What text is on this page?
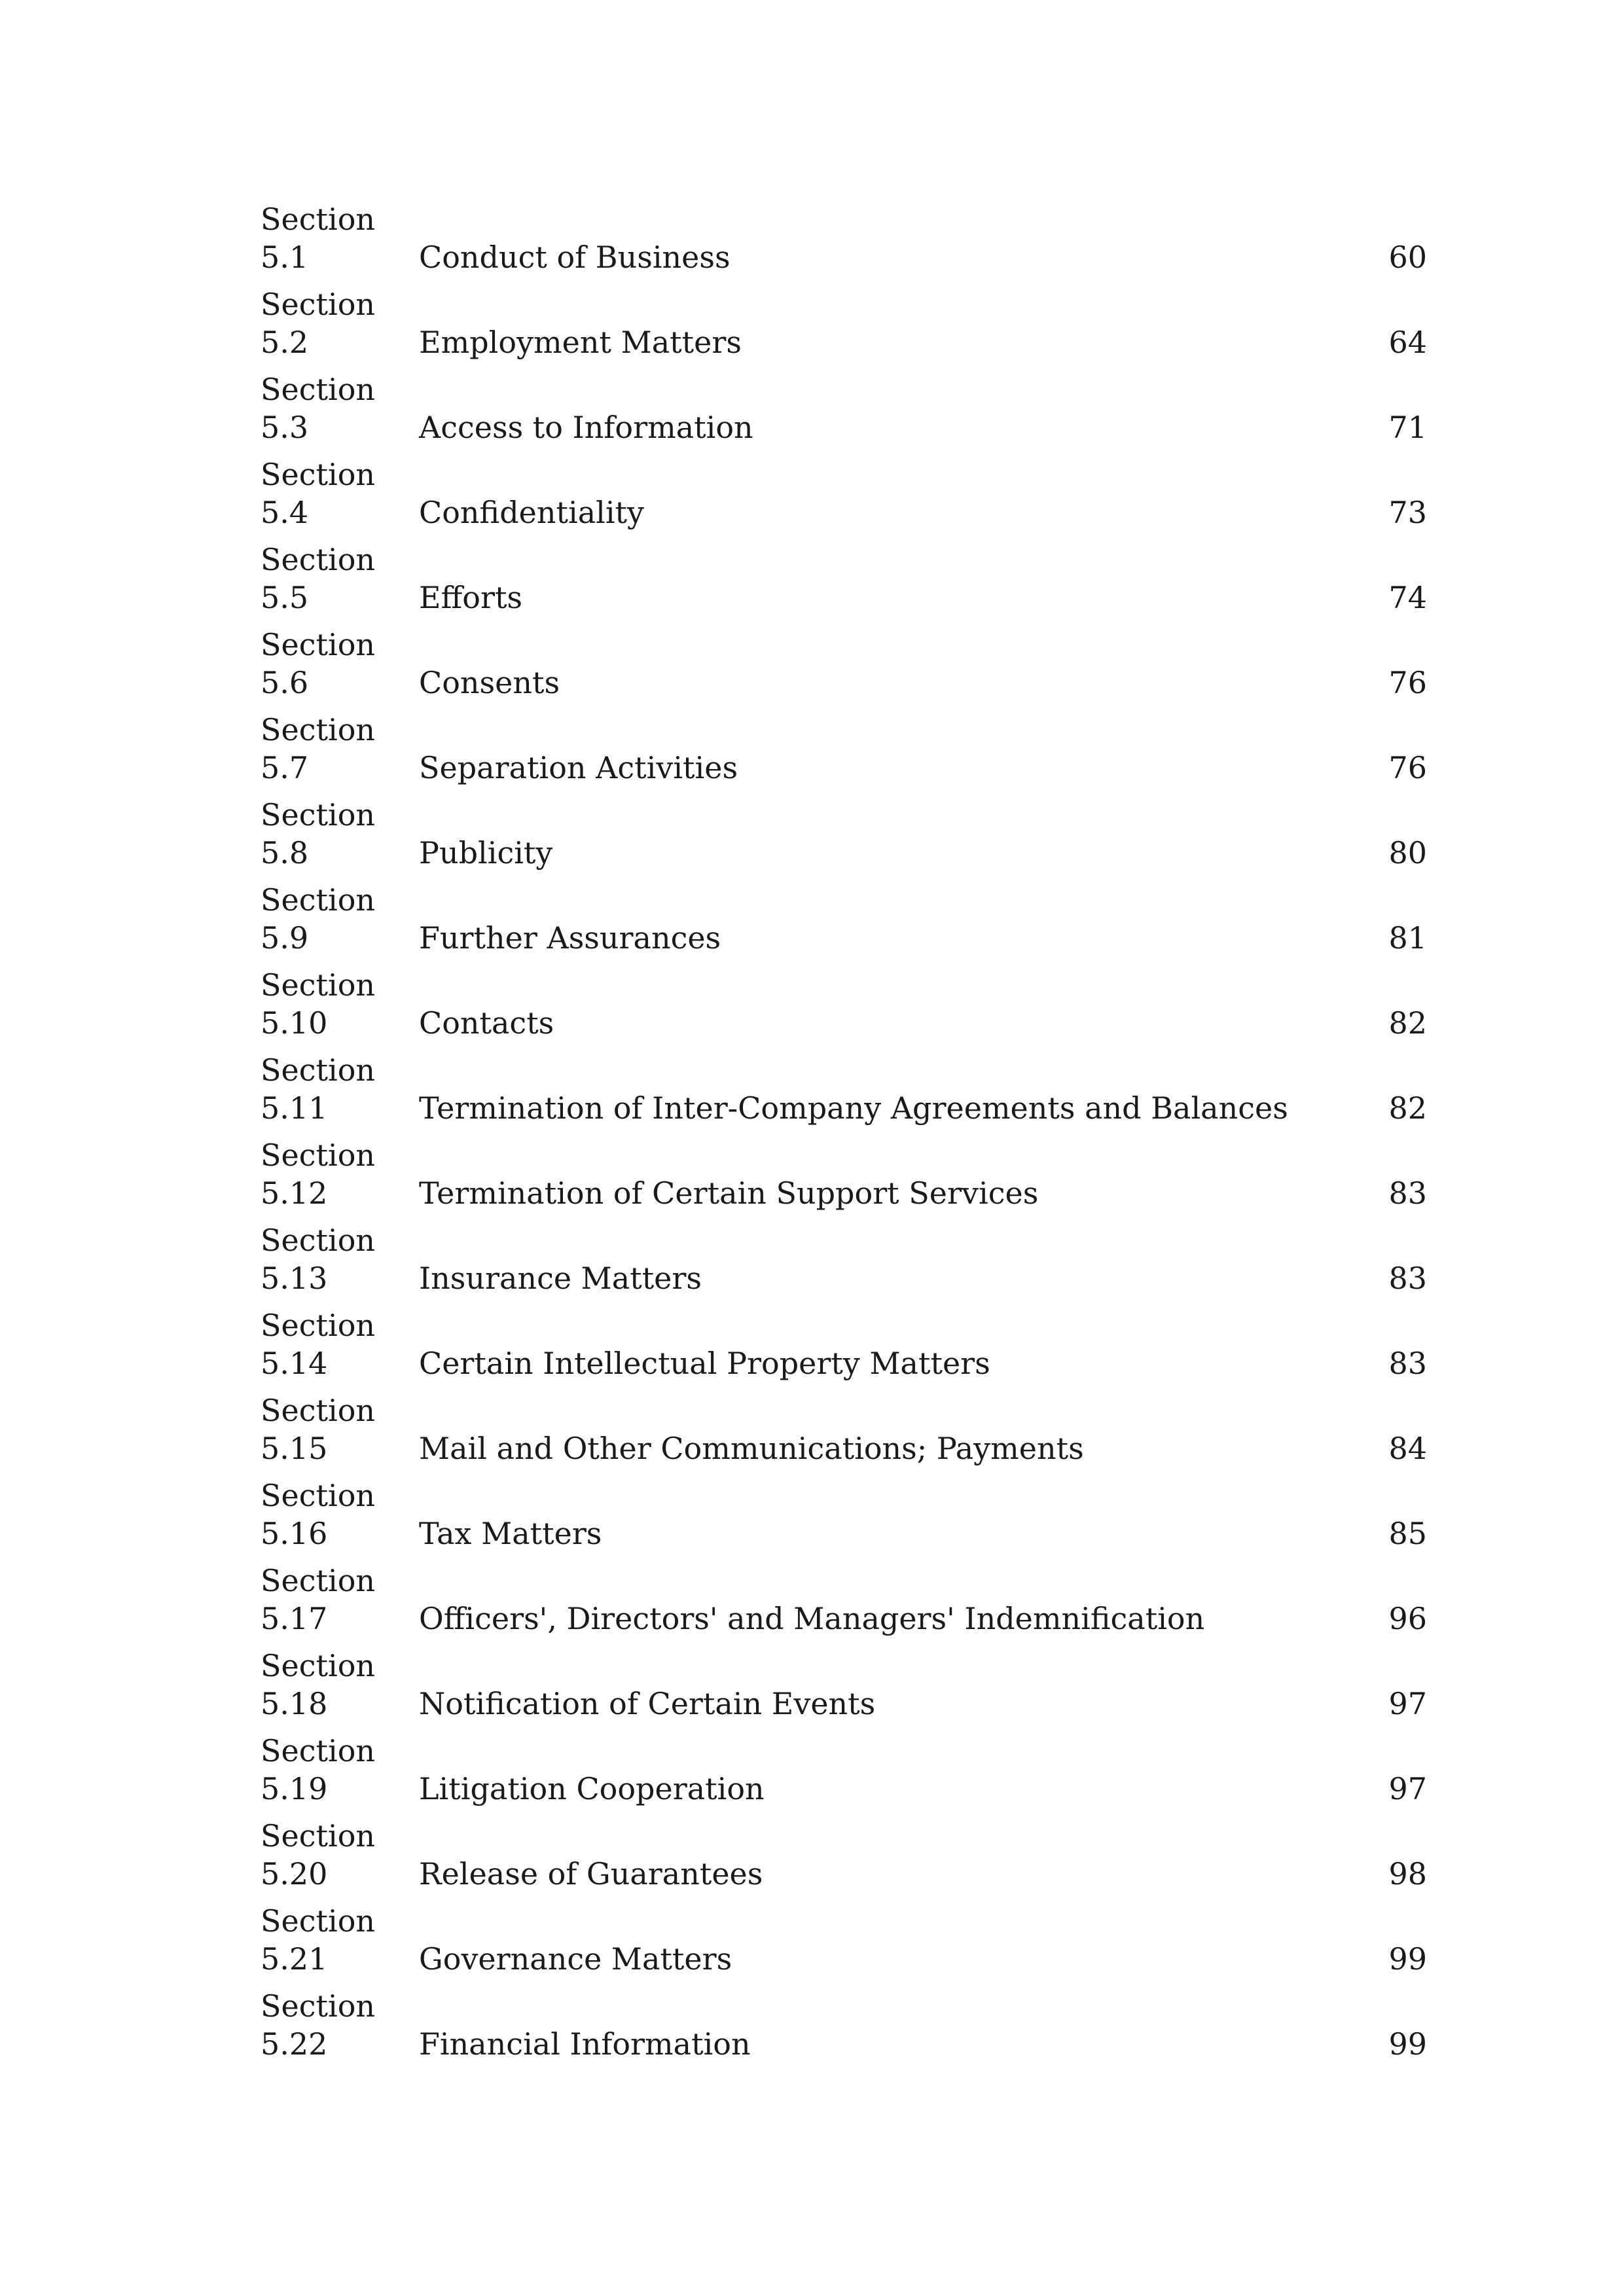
Section
5.1	Conduct of Business	60
Section
5.2	Employment Matters	64
Section
5.3	Access to Information	71
Section
5.4	Confidentiality	73
Section
5.5	Efforts	74
Section
5.6	Consents	76
Section
5.7	Separation Activities	76
Section
5.8	Publicity	80
Section
5.9	Further Assurances	81
Section
5.10	Contacts	82
Section
5.11	Termination of Inter-Company Agreements and Balances	82
Section
5.12	Termination of Certain Support Services	83
Section
5.13	Insurance Matters	83
Section
5.14	Certain Intellectual Property Matters	83
Section
5.15	Mail and Other Communications; Payments	84
Section
5.16	Tax Matters	85
Section
5.17	Officers', Directors' and Managers' Indemnification	96
Section
5.18	Notification of Certain Events	97
Section
5.19	Litigation Cooperation	97
Section
5.20	Release of Guarantees	98
Section
5.21	Governance Matters	99
Section
5.22	Financial Information	99
